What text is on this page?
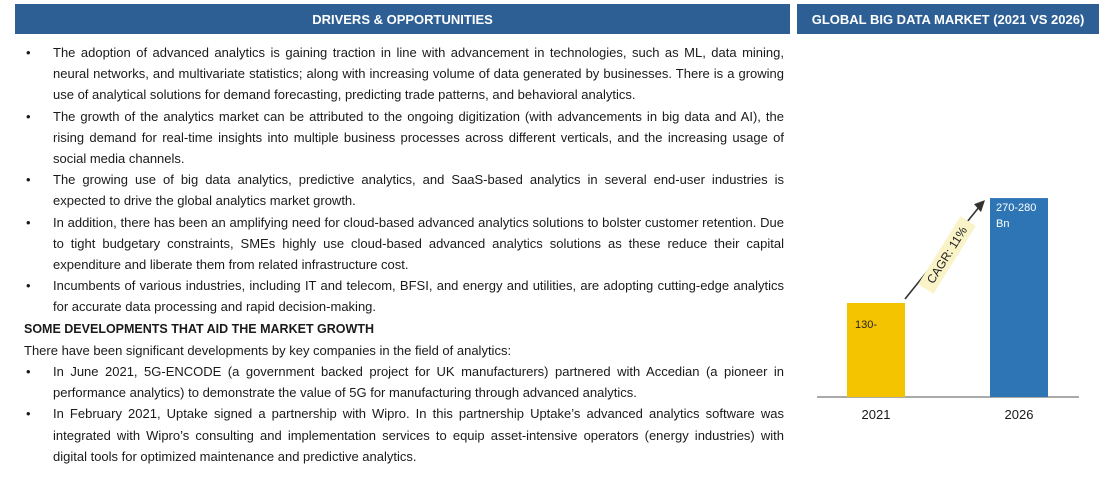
DRIVERS & OPPORTUNITIES	GLOBAL BIG DATA MARKET (2021 VS 2026)
• The adoption of advanced analytics is gaining traction in line with advancement in technologies, such as ML, data mining, neural networks, and multivariate statistics; along with increasing volume of data generated by businesses. There is a growing use of analytical solutions for demand forecasting, predicting trade patterns, and behavioral analytics.
• The growth of the analytics market can be attributed to the ongoing digitization (with advancements in big data and AI), the rising demand for real-time insights into multiple business processes across different verticals, and the increasing usage of social media channels.
• The growing use of big data analytics, predictive analytics, and SaaS-based analytics in several end-user industries is expected to drive the global analytics market growth.
• In addition, there has been an amplifying need for cloud-based advanced analytics solutions to bolster customer retention. Due to tight budgetary constraints, SMEs highly use cloud-based advanced analytics solutions as these reduce their capital expenditure and liberate them from related infrastructure cost.
• Incumbents of various industries, including IT and telecom, BFSI, and energy and utilities, are adopting cutting-edge analytics for accurate data processing and rapid decision-making.
SOME DEVELOPMENTS THAT AID THE MARKET GROWTH
There have been significant developments by key companies in the field of analytics:
• In June 2021, 5G-ENCODE (a government backed project for UK manufacturers) partnered with Accedian (a pioneer in performance analytics) to demonstrate the value of 5G for manufacturing through advanced analytics.
• In February 2021, Uptake signed a partnership with Wipro. In this partnership Uptake’s advanced analytics software was integrated with Wipro’s consulting and implementation services to equip asset-intensive operators (energy industries) with digital tools for optimized maintenance and predictive analytics.
2021	2026
130-
270-280 Bn
CAGR: 11%
